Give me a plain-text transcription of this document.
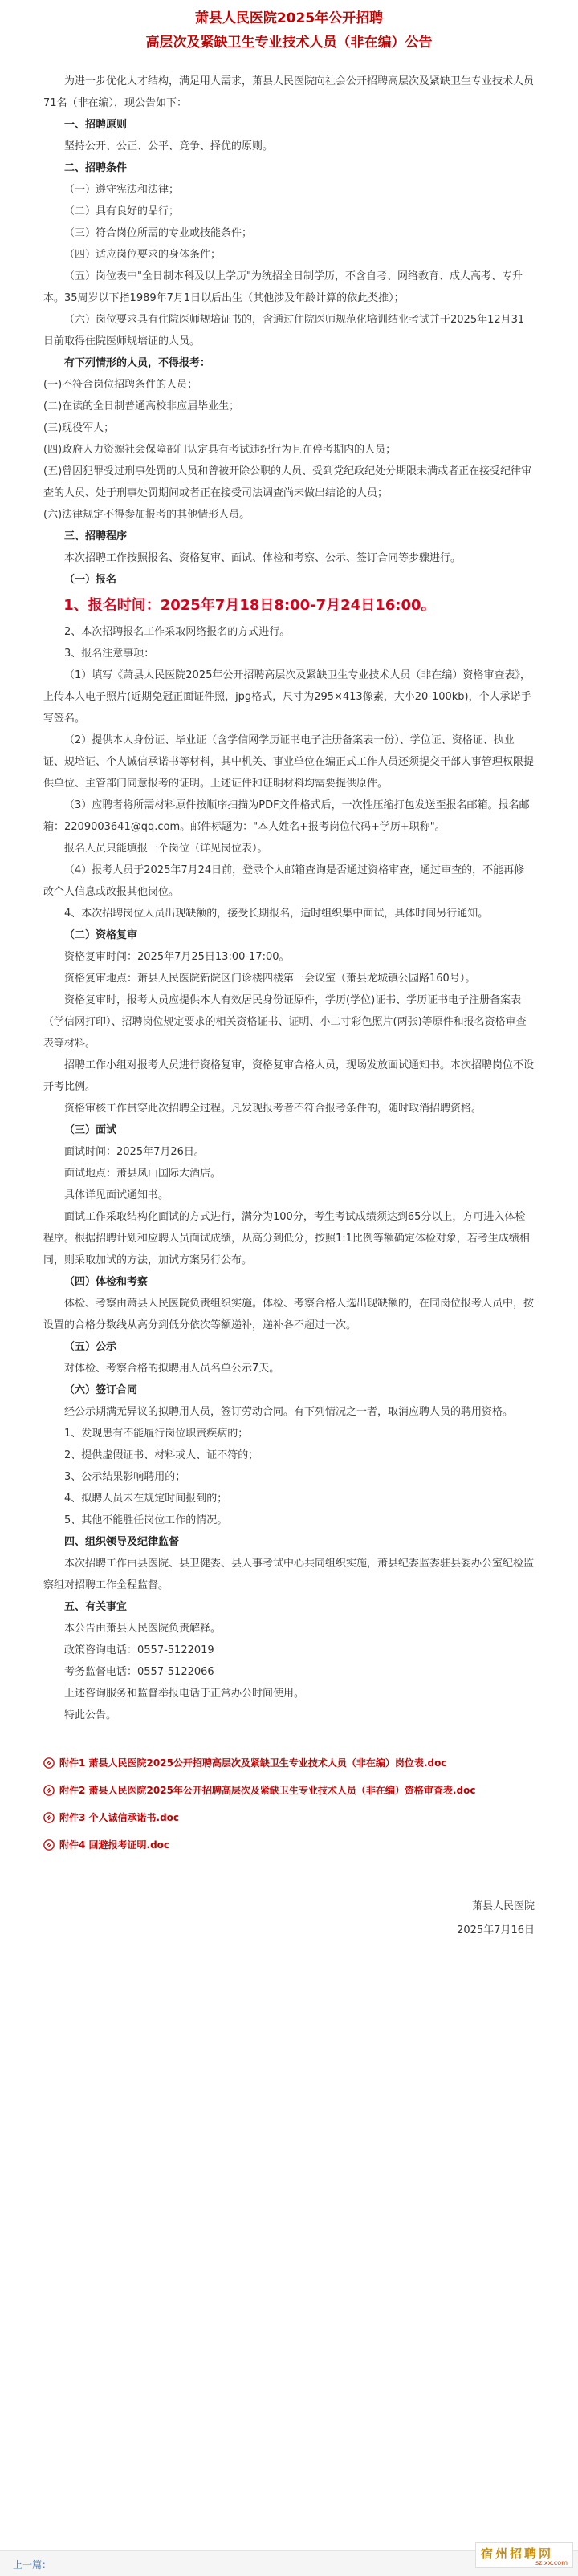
萧县人民医院2025年公开招聘
高层次及紧缺卫生专业技术人员（非在编）公告

为进一步优化人才结构，满足用人需求，萧县人民医院向社会公开招聘高层次及紧缺卫生专业技术人员71名（非在编），现公告如下：

一、招聘原则

坚持公开、公正、公平、竞争、择优的原则。

二、招聘条件

（一）遵守宪法和法律；

（二）具有良好的品行；

（三）符合岗位所需的专业或技能条件；

（四）适应岗位要求的身体条件；

（五）岗位表中"全日制本科及以上学历"为统招全日制学历，不含自考、网络教育、成人高考、专升本。35周岁以下指1989年7月1日以后出生（其他涉及年龄计算的依此类推）；

（六）岗位要求具有住院医师规培证书的，含通过住院医师规范化培训结业考试并于2025年12月31日前取得住院医师规培证的人员。

有下列情形的人员，不得报考：

(一)不符合岗位招聘条件的人员；

(二)在读的全日制普通高校非应届毕业生；

(三)现役军人；

(四)政府人力资源社会保障部门认定具有考试违纪行为且在停考期内的人员；

(五)曾因犯罪受过刑事处罚的人员和曾被开除公职的人员、受到党纪政纪处分期限未满或者正在接受纪律审查的人员、处于刑事处罚期间或者正在接受司法调查尚未做出结论的人员；

(六)法律规定不得参加报考的其他情形人员。

三、招聘程序

本次招聘工作按照报名、资格复审、面试、体检和考察、公示、签订合同等步骤进行。

（一）报名

1、报名时间：2025年7月18日8:00-7月24日16:00。

2、本次招聘报名工作采取网络报名的方式进行。

3、报名注意事项：

（1）填写《萧县人民医院2025年公开招聘高层次及紧缺卫生专业技术人员（非在编）资格审查表》，上传本人电子照片(近期免冠正面证件照，jpg格式，尺寸为295×413像素，大小20-100kb)，个人承诺手写签名。

（2）提供本人身份证、毕业证（含学信网学历证书电子注册备案表一份）、学位证、资格证、执业证、规培证、个人诚信承诺书等材料，其中机关、事业单位在编正式工作人员还须提交干部人事管理权限提供单位、主管部门同意报考的证明。上述证件和证明材料均需要提供原件。

（3）应聘者将所需材料原件按顺序扫描为PDF文件格式后，一次性压缩打包发送至报名邮箱。报名邮箱：2209003641@qq.com。邮件标题为："本人姓名+报考岗位代码+学历+职称"。

报名人员只能填报一个岗位（详见岗位表）。

（4）报考人员于2025年7月24日前，登录个人邮箱查询是否通过资格审查，通过审查的，不能再修改个人信息或改报其他岗位。

4、本次招聘岗位人员出现缺额的，接受长期报名，适时组织集中面试，具体时间另行通知。

（二）资格复审

资格复审时间：2025年7月25日13:00-17:00。

资格复审地点：萧县人民医院新院区门诊楼四楼第一会议室（萧县龙城镇公园路160号）。

资格复审时，报考人员应提供本人有效居民身份证原件，学历(学位)证书、学历证书电子注册备案表（学信网打印）、招聘岗位规定要求的相关资格证书、证明、小二寸彩色照片(两张)等原件和报名资格审查表等材料。

招聘工作小组对报考人员进行资格复审，资格复审合格人员，现场发放面试通知书。本次招聘岗位不设开考比例。

资格审核工作贯穿此次招聘全过程。凡发现报考者不符合报考条件的，随时取消招聘资格。

（三）面试

面试时间：2025年7月26日。

面试地点：萧县凤山国际大酒店。

具体详见面试通知书。

面试工作采取结构化面试的方式进行，满分为100分，考生考试成绩须达到65分以上，方可进入体检程序。根据招聘计划和应聘人员面试成绩，从高分到低分，按照1:1比例等额确定体检对象，若考生成绩相同，则采取加试的方法，加试方案另行公布。

（四）体检和考察

体检、考察由萧县人民医院负责组织实施。体检、考察合格人选出现缺额的，在同岗位报考人员中，按设置的合格分数线从高分到低分依次等额递补，递补各不超过一次。

（五）公示

对体检、考察合格的拟聘用人员名单公示7天。

（六）签订合同

经公示期满无异议的拟聘用人员，签订劳动合同。有下列情况之一者，取消应聘人员的聘用资格。

1、发现患有不能履行岗位职责疾病的；

2、提供虚假证书、材料或人、证不符的；

3、公示结果影响聘用的；

4、拟聘人员未在规定时间报到的；

5、其他不能胜任岗位工作的情况。

四、组织领导及纪律监督

本次招聘工作由县医院、县卫健委、县人事考试中心共同组织实施，萧县纪委监委驻县委办公室纪检监察组对招聘工作全程监督。

五、有关事宜

本公告由萧县人民医院负责解释。

政策咨询电话：0557-5122019

考务监督电话：0557-5122066

上述咨询服务和监督举报电话于正常办公时间使用。

特此公告。

附件1 萧县人民医院2025公开招聘高层次及紧缺卫生专业技术人员（非在编）岗位表.doc
附件2 萧县人民医院2025年公开招聘高层次及紧缺卫生专业技术人员（非在编）资格审查表.doc
附件3 个人诚信承诺书.doc
附件4 回避报考证明.doc

萧县人民医院

2025年7月16日

上一篇：
宿州招聘网
sz.xx.com
